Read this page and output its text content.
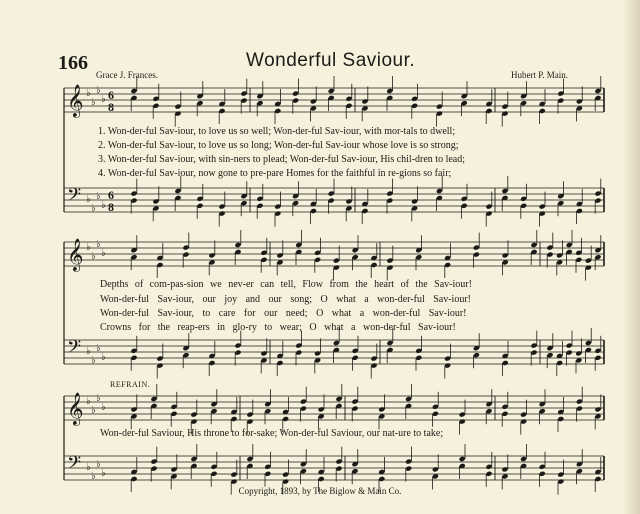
166	Wonderful Saviour.
Grace J. Frances.	Hubert P. Main.
𝄞 ♭
♭
♭
♭ 6
8
𝄢 ♭
♭
♭
♭
6
8
𝄞 ♭
♭
♭
♭
𝄢 ♭
♭
♭
♭
𝄞 ♭
♭
♭
♭
𝄢 ♭
♭
♭
♭
1. Won-der-ful Sav-iour, to love us so well; Won-der-ful Sav-iour, with mor-tals to dwell;
2. Won-der-ful Sav-iour, to love us so long; Won-der-ful Sav-iour whose love is so strong;
3. Won-der-ful Sav-iour, with sin-ners to plead; Won-der-ful Sav-iour, His chil-dren to lead;
4. Won-der-ful Sav-iour, now gone to pre-pare Homes for the faithful in re-gions so fair;
Depths of com-pas-sion we nev-er can tell, Flow from the heart of the Sav-iour!
Won-der-ful Sav-iour, our joy and our song; O what a won-der-ful Sav-iour!
Won-der-ful Sav-iour, to care for our need; O what a won-der-ful Sav-iour!
Crowns for the reap-ers in glo-ry to wear; O what a won-der-ful Sav-iour!
REFRAIN.
Won-der-ful Saviour, His throne to for-sake; Won-der-ful Saviour, our nat-ure to take;
Copyright, 1893, by The Biglow & Main Co.
